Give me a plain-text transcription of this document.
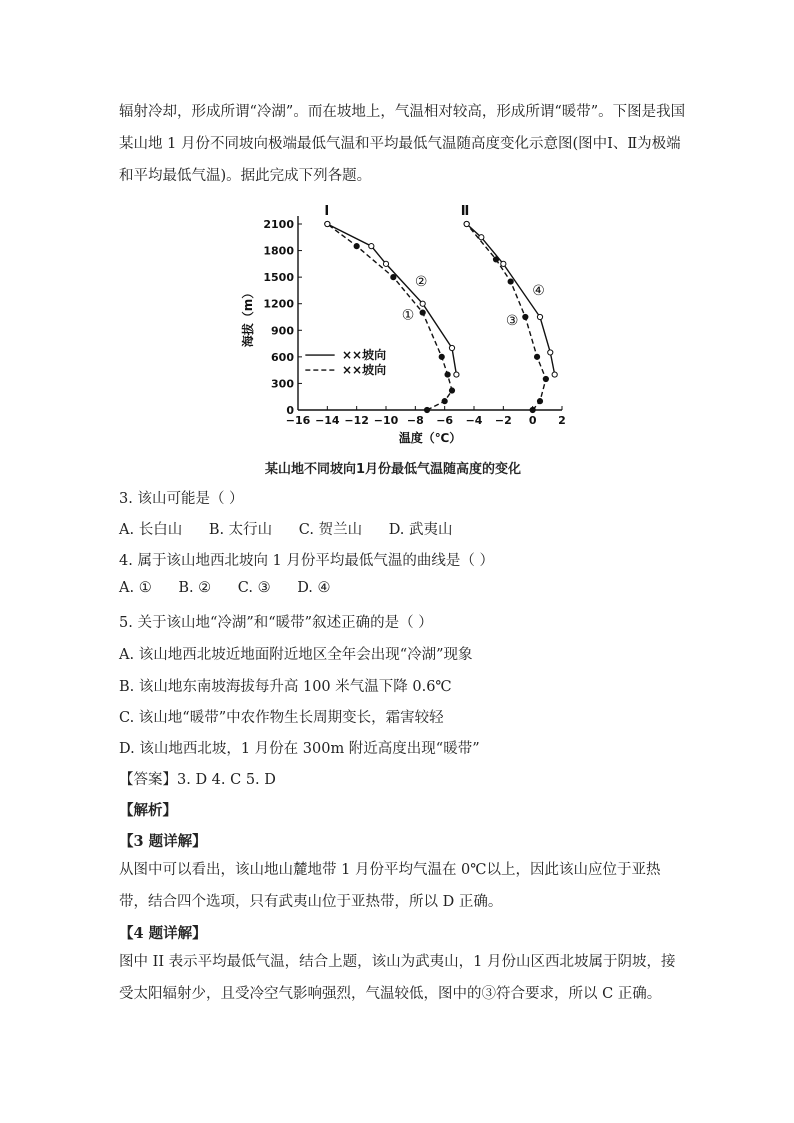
辐射冷却，形成所谓“冷湖”。而在坡地上，气温相对较高，形成所谓“暖带”。下图是我国
某山地 1 月份不同坡向极端最低气温和平均最低气温随高度变化示意图(图中Ⅰ、Ⅱ为极端
和平均最低气温)。据此完成下列各题。
−16 −14 −12 −10 −8 −6 −4 −2 0 2
0
300
600
900
1200
1500
1800
2100
温度（℃）
海拔（m）
Ⅰ	Ⅱ
××坡向
××坡向
①
②
③
④
某山地不同坡向1月份最低气温随高度的变化
3. 该山可能是（ ）
A. 长白山 B. 太行山 C. 贺兰山 D. 武夷山
4. 属于该山地西北坡向 1 月份平均最低气温的曲线是（ ）
A. ① B. ② C. ③ D. ④
5. 关于该山地“冷湖”和“暖带”叙述正确的是（ ）
A. 该山地西北坡近地面附近地区全年会出现“冷湖”现象
B. 该山地东南坡海拔每升高 100 米气温下降 0.6℃
C. 该山地“暖带”中农作物生长周期变长，霜害较轻
D. 该山地西北坡，1 月份在 300m 附近高度出现“暖带”
【答案】3. D 4. C 5. D
【解析】
【3 题详解】

从图中可以看出，该山地山麓地带 1 月份平均气温在 0℃以上，因此该山应位于亚热带，结合四个选项，只有武夷山位于亚热带，所以 D 正确。

【4 题详解】

图中 II 表示平均最低气温，结合上题，该山为武夷山，1 月份山区西北坡属于阴坡，接受太阳辐射少，且受冷空气影响强烈，气温较低，图中的③符合要求，所以 C 正确。
